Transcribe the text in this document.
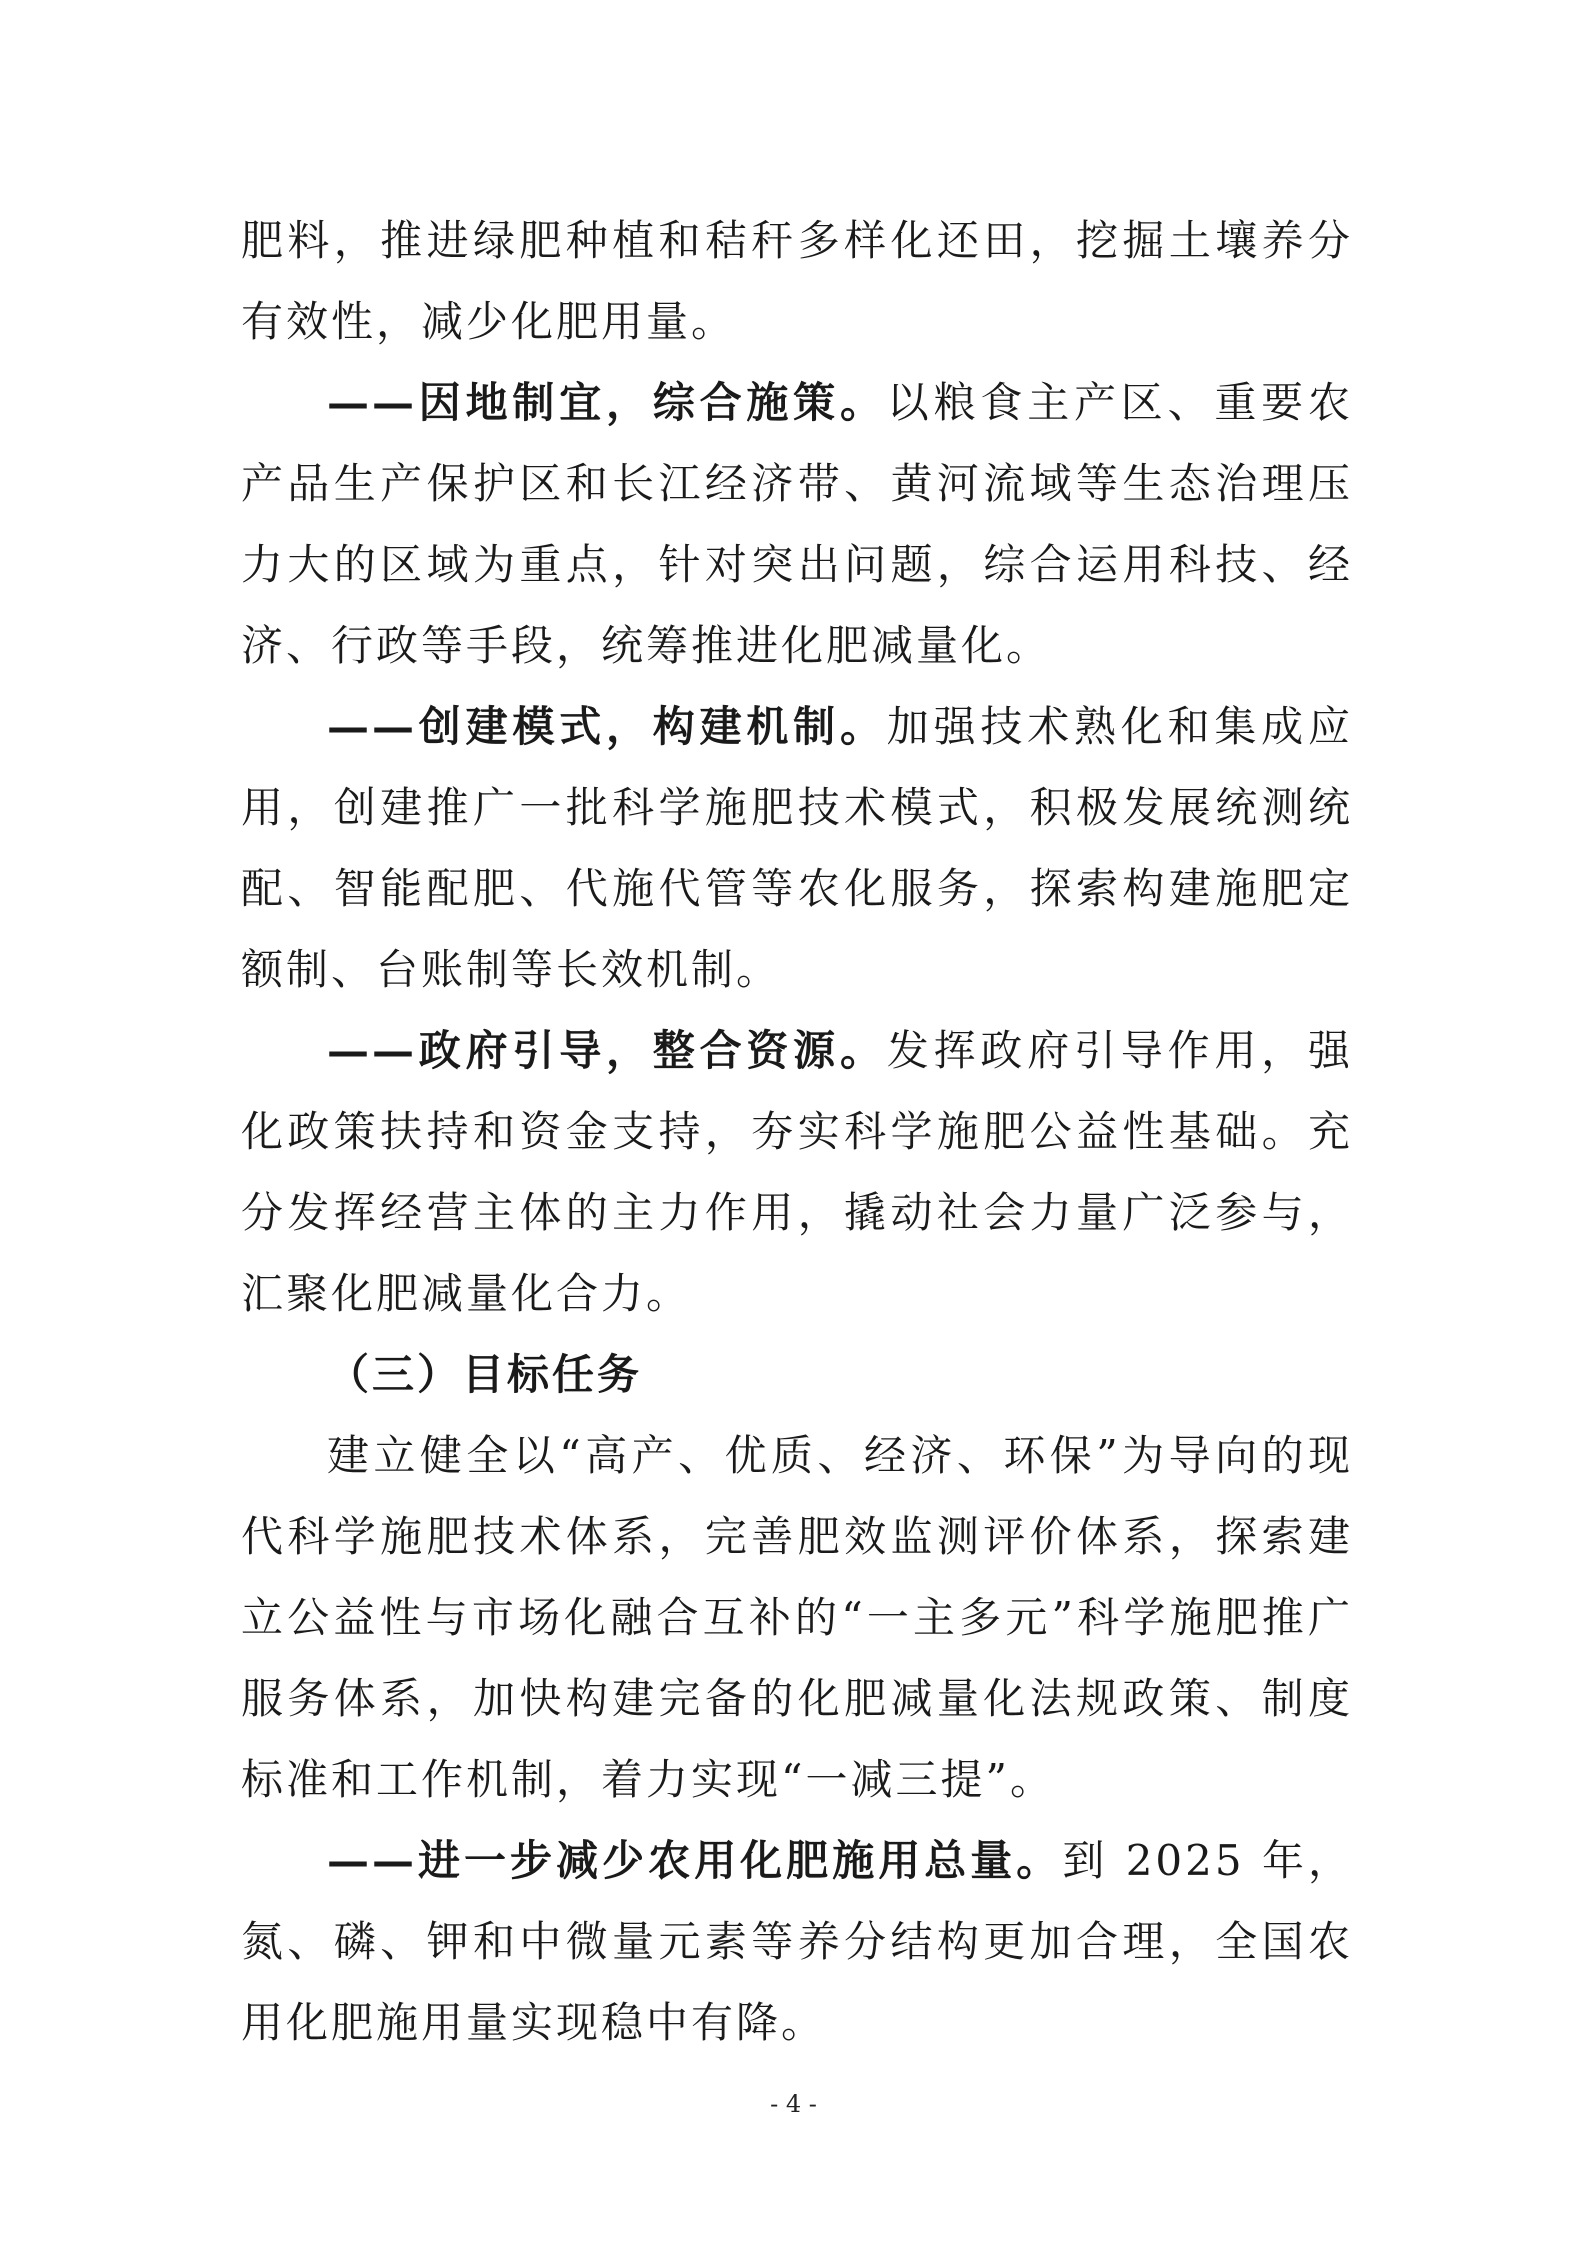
肥料，推进绿肥种植和秸秆多样化还田，挖掘土壤养分有效性，减少化肥用量。

——因地制宜，综合施策。以粮食主产区、重要农产品生产保护区和长江经济带、黄河流域等生态治理压力大的区域为重点，针对突出问题，综合运用科技、经济、行政等手段，统筹推进化肥减量化。

——创建模式，构建机制。加强技术熟化和集成应用，创建推广一批科学施肥技术模式，积极发展统测统配、智能配肥、代施代管等农化服务，探索构建施肥定额制、台账制等长效机制。

——政府引导，整合资源。发挥政府引导作用，强化政策扶持和资金支持，夯实科学施肥公益性基础。充分发挥经营主体的主力作用，撬动社会力量广泛参与，汇聚化肥减量化合力。

（三）目标任务

建立健全以“高产、优质、经济、环保”为导向的现代科学施肥技术体系，完善肥效监测评价体系，探索建立公益性与市场化融合互补的“一主多元”科学施肥推广服务体系，加快构建完备的化肥减量化法规政策、制度标准和工作机制，着力实现“一减三提”。

——进一步减少农用化肥施用总量。到 2025 年，氮、磷、钾和中微量元素等养分结构更加合理，全国农用化肥施用量实现稳中有降。

- 4 -
